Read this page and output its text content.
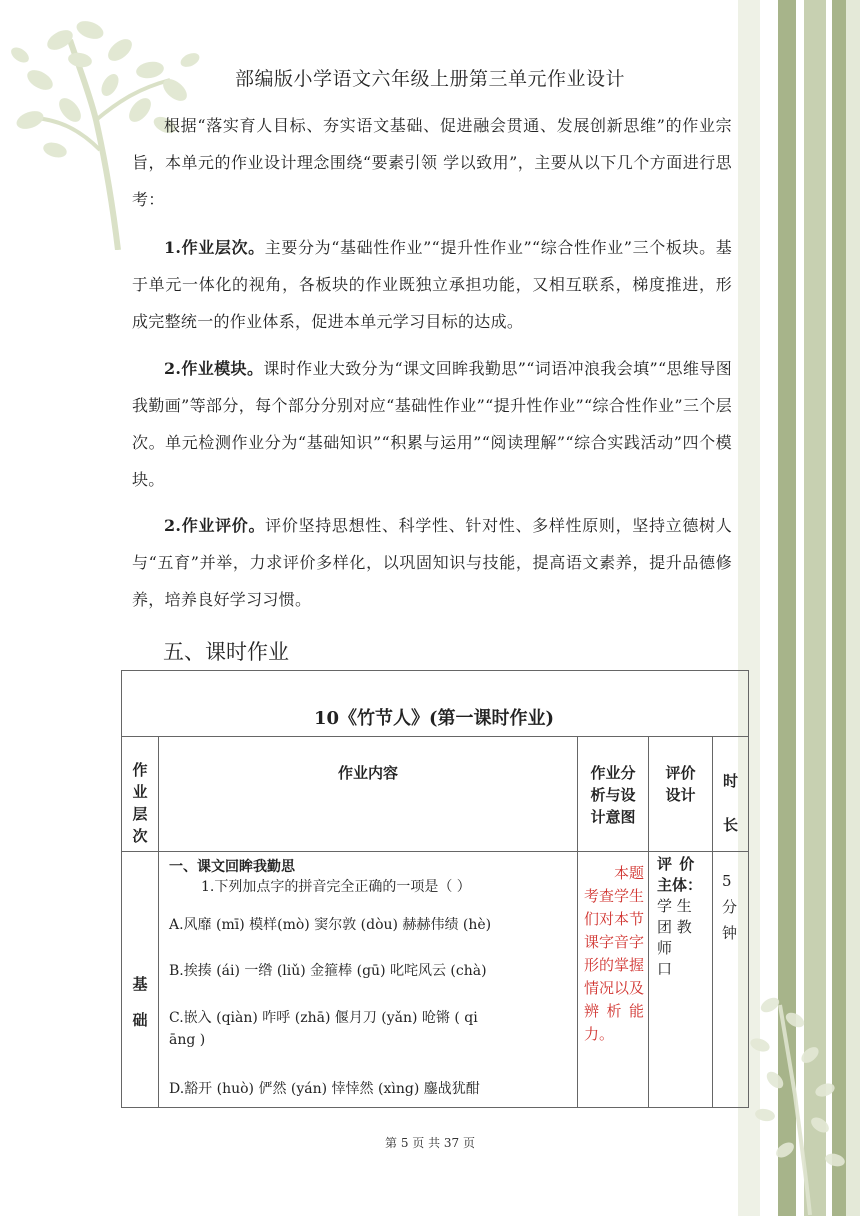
部编版小学语文六年级上册第三单元作业设计
根据“落实育人目标、夯实语文基础、促进融会贯通、发展创新思维”的作业宗旨，本单元的作业设计理念围绕“要素引领 学以致用”，主要从以下几个方面进行思考：
1.作业层次。主要分为“基础性作业”“提升性作业”“综合性作业”三个板块。基于单元一体化的视角，各板块的作业既独立承担功能，又相互联系，梯度推进，形成完整统一的作业体系，促进本单元学习目标的达成。
2.作业模块。课时作业大致分为“课文回眸我勤思”“词语冲浪我会填”“思维导图我勤画”等部分，每个部分分别对应“基础性作业”“提升性作业”“综合性作业”三个层次。单元检测作业分为“基础知识”“积累与运用”“阅读理解”“综合实践活动”四个模块。
2.作业评价。评价坚持思想性、科学性、针对性、多样性原则，坚持立德树人与“五育”并举，力求评价多样化，以巩固知识与技能，提高语文素养，提升品德修养，培养良好学习习惯。
五、课时作业
10《竹节人》(第一课时作业)
作
业
层
次
作业内容	作业分
析与设
计意图
评价
设计
时
长
基
础
一、课文回眸我勤思
1.下列加点字的拼音完全正确的一项是（ ）
A.风靡 (mī) 模样(mò) 窦尔敦 (dòu) 赫赫伟绩 (hè)
B.挨揍 (ái) 一绺 (liǔ) 金箍棒 (gū) 叱咤风云 (chà)
C.嵌入 (qiàn) 咋呼 (zhā) 偃月刀 (yǎn) 呛锵 ( qi
āng )
D.豁开 (huò) 俨然 (yán) 悻悻然 (xìng) 鏖战犹酣
本题考查学生们对本节课字音字形的掌握情况以及辨析能力。
评 价
主体：
学 生
团 教 师
口
5
分
钟
第 5 页 共 37 页
